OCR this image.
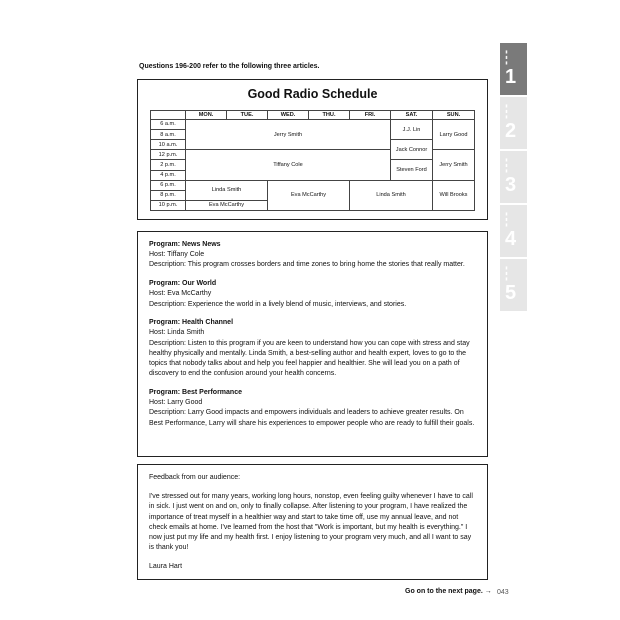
Questions 196-200 refer to the following three articles.
Good Radio Schedule
	MON.	TUE.	WED.	THU.	FRI.	SAT.	SUN.
6 a.m.	Jerry Smith					J.J. Lin	Larry Good
8 a.m.							
10 a.m.						Jack Connor	
12 p.m.	Tiffany Cole						Jerry Smith
2 p.m.						Steven Ford	
4 p.m.							
6 p.m.	Linda Smith		Eva McCarthy		Linda Smith		Will Brooks
8 p.m.							
10 p.m.	Eva McCarthy						
Program: News News
Host: Tiffany Cole
Description: This program crosses borders and time zones to bring home the stories that really matter.
Program: Our World
Host: Eva McCarthy
Description: Experience the world in a lively blend of music, interviews, and stories.
Program: Health Channel
Host: Linda Smith
Description: Listen to this program if you are keen to understand how you can cope with stress and stay healthy physically and mentally. Linda Smith, a best-selling author and health expert, loves to go to the topics that nobody talks about and help you feel happier and healthier. She will lead you on a path of discovery to end the confusion around your health concerns.
Program: Best Performance
Host: Larry Good
Description: Larry Good impacts and empowers individuals and leaders to achieve greater results. On Best Performance, Larry will share his experiences to empower people who are ready to fulfill their goals.

Feedback from our audience:

I've stressed out for many years, working long hours, nonstop, even feeling guilty whenever I have to call in sick. I just went on and on, only to finally collapse. After listening to your program, I have realized the importance of treat myself in a healthier way and start to take time off, use my annual leave, and not check emails at home. I've learned from the host that "Work is important, but my health is everything." I now just put my life and my health first. I enjoy listening to your program very much, and all I want to say is thank you!

Laura Hart

Go on to the next page. → 043
▮▮▮
1
▮▮▮
2
▮▮▮
3
▮▮▮
4
▮▮▮
5
